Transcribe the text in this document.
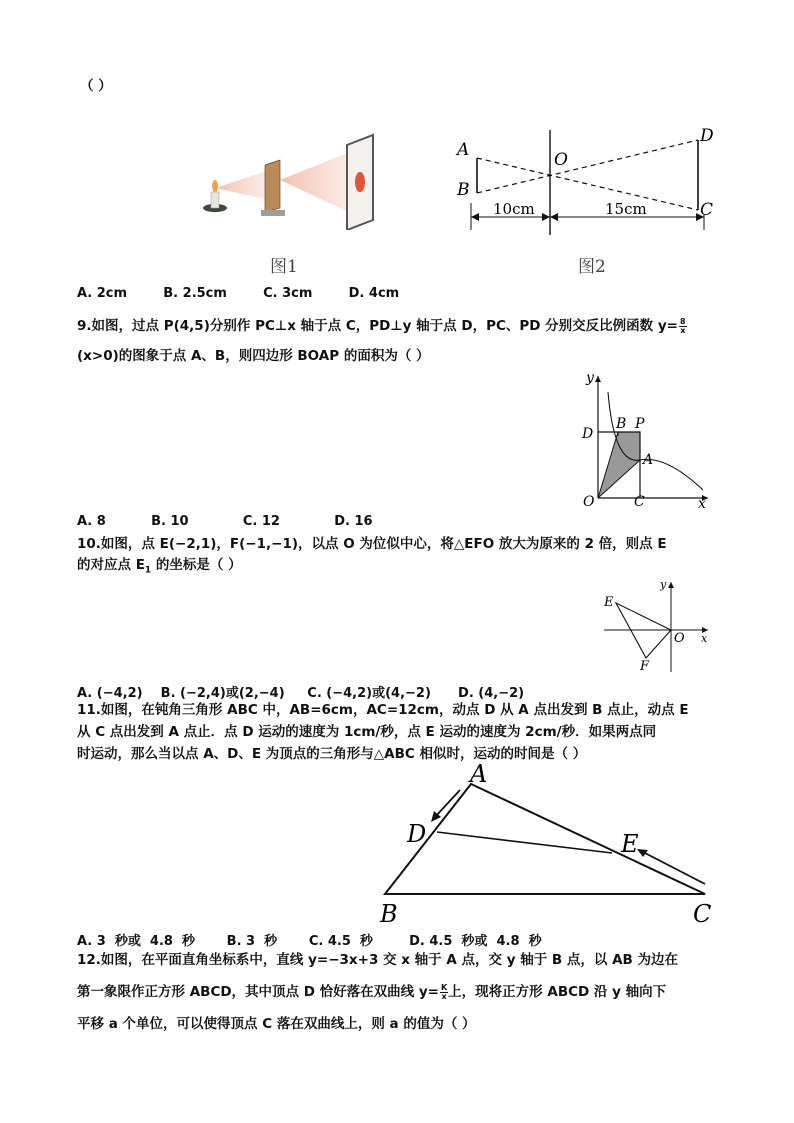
（ ）
图1
A
B
O
D
C
10cm	15cm
图2
A. 2cm        B. 2.5cm        C. 3cm        D. 4cm
9.如图，过点 P(4,5)分别作 PC⊥x 轴于点 C，PD⊥y 轴于点 D，PC、PD 分别交反比例函数 $y= \frac{8}{x}$
(x>0)的图象于点 A、B，则四边形 BOAP 的面积为（ ）
y
x
D
B P
A
O	C
A. 8          B. 10            C. 12            D. 16
10.如图，点 E(−2,1)，F(−1,−1)，以点 O 为位似中心，将△EFO 放大为原来的 2 倍，则点 E
的对应点 $E_1$ 的坐标是（ ）
E
F
O x
y
A. (−4,2)    B. (−2,4)或(2,−4)     C. (−4,2)或(4,−2)      D. (4,−2)
11.如图，在钝角三角形 ABC 中，AB=6cm，AC=12cm，动点 D 从 A 点出发到 B 点止，动点 E
从 C 点出发到 A 点止．点 D 运动的速度为 1cm/秒，点 E 运动的速度为 2cm/秒．如果两点同
时运动，那么当以点 A、D、E 为顶点的三角形与△ABC 相似时，运动的时间是（ ）
A
D	E
B	C
A. 3  秒或  4.8  秒       B. 3  秒       C. 4.5  秒        D. 4.5  秒或  4.8  秒
12.如图，在平面直角坐标系中，直线 y=−3x+3 交 x 轴于 A 点，交 y 轴于 B 点，以 AB 为边在
第一象限作正方形 ABCD，其中顶点 D 恰好落在双曲线 $y= \frac{K}{x}$ 上，现将正方形 ABCD 沿 y 轴向下
平移 a 个单位，可以使得顶点 C 落在双曲线上，则 a 的值为（ ）
